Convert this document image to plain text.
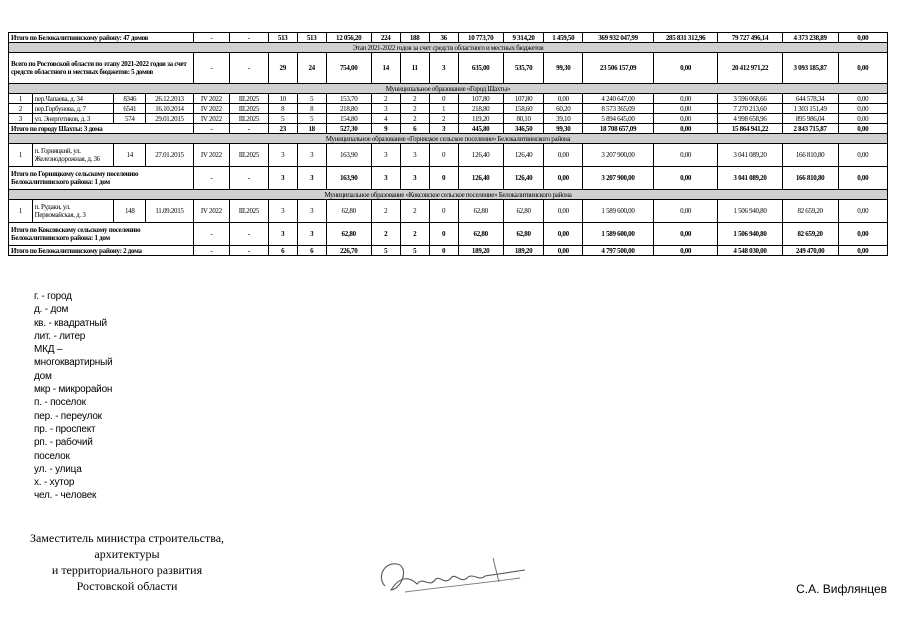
Итого по Белокалитвинскому району: 47 домов				-	-	513	513	12 056,20	224	188	36	10 773,70	9 314,20	1 459,50	369 932 047,99	285 831 312,96	79 727 496,14	4 373 238,89	0,00
Этап 2021-2022 годов за счет средств областного и местных бюджетов																			
Всего по Ростовской области по этапу 2021-2022 годов за счет средств областного и местных бюджетов: 5 домов				-	-	29	24	754,00	14	11	3	635,00	535,70	99,30	23 506 157,09	0,00	20 412 971,22	3 093 185,87	0,00
Муниципальное образование «Город Шахты»																			
1	пер.Чапаева, д. 34	8346	26.12.2013	IV 2022	III.2025	10	5	153,70	2	2	0	107,80	107,80	0,00	4 240 647,00	0,00	3 596 068,66	644 578,34	0,00
2	пер.Горбунова, д. 7	6541	16.10.2014	IV 2022	III.2025	8	8	218,80	3	2	1	218,80	158,60	60,20	8 573 365,09	0,00	7 270 213,60	1 303 151,49	0,00
3	ул. Энергетиков, д. 3	574	29.01.2015	IV 2022	III.2025	5	5	154,80	4	2	2	119,20	80,10	39,10	5 894 645,00	0,00	4 998 658,96	895 986,04	0,00
Итого по городу Шахты: 3 дома				-	-	23	18	527,30	9	6	3	445,80	346,50	99,30	18 708 657,09	0,00	15 864 941,22	2 843 715,87	0,00
Муниципальное образование «Горняцкое сельское поселение» Белокалитвинского района																			
1	п. Горняцкий, ул. Железнодорожная, д. 36	14	27.01.2015	IV 2022	III.2025	3	3	163,90	3	3	0	126,40	126,40	0,00	3 207 900,00	0,00	3 041 089,20	166 810,80	0,00
Итого по Горняцкому сельскому поселению Белокалитвинского района: 1 дом				-	-	3	3	163,90	3	3	0	126,40	126,40	0,00	3 207 900,00	0,00	3 041 089,20	166 810,80	0,00
Муниципальное образование «Коксовское сельское поселение» Белокалитвинского района																			
1	п. Рудаки, ул. Первомайская, д. 3	148	11.09.2015	IV 2022	III.2025	3	3	62,80	2	2	0	62,80	62,80	0,00	1 589 600,00	0,00	1 506 940,80	82 659,20	0,00
Итого по Коксовскому сельскому поселению Белокалитвинского района: 1 дом				-	-	3	3	62,80	2	2	0	62,80	62,80	0,00	1 589 600,00	0,00	1 506 940,80	82 659,20	0,00
Итого по Белокалитвинскому району: 2 дома				-	-	6	6	226,70	5	5	0	189,20	189,20	0,00	4 797 500,00	0,00	4 548 030,00	249 470,00	0,00
г. - город
д. - дом
кв. - квадратный
лит. - литер
МКД –
многоквартирный
дом
мкр - микрорайон
п. - поселок
пер. - переулок
пр. - проспект
рп. - рабочий
поселок
ул. - улица
х. - хутор
чел. - человек
Заместитель министра строительства,
архитектуры
и территориального развития
Ростовской области	С.А. Вифлянцев
